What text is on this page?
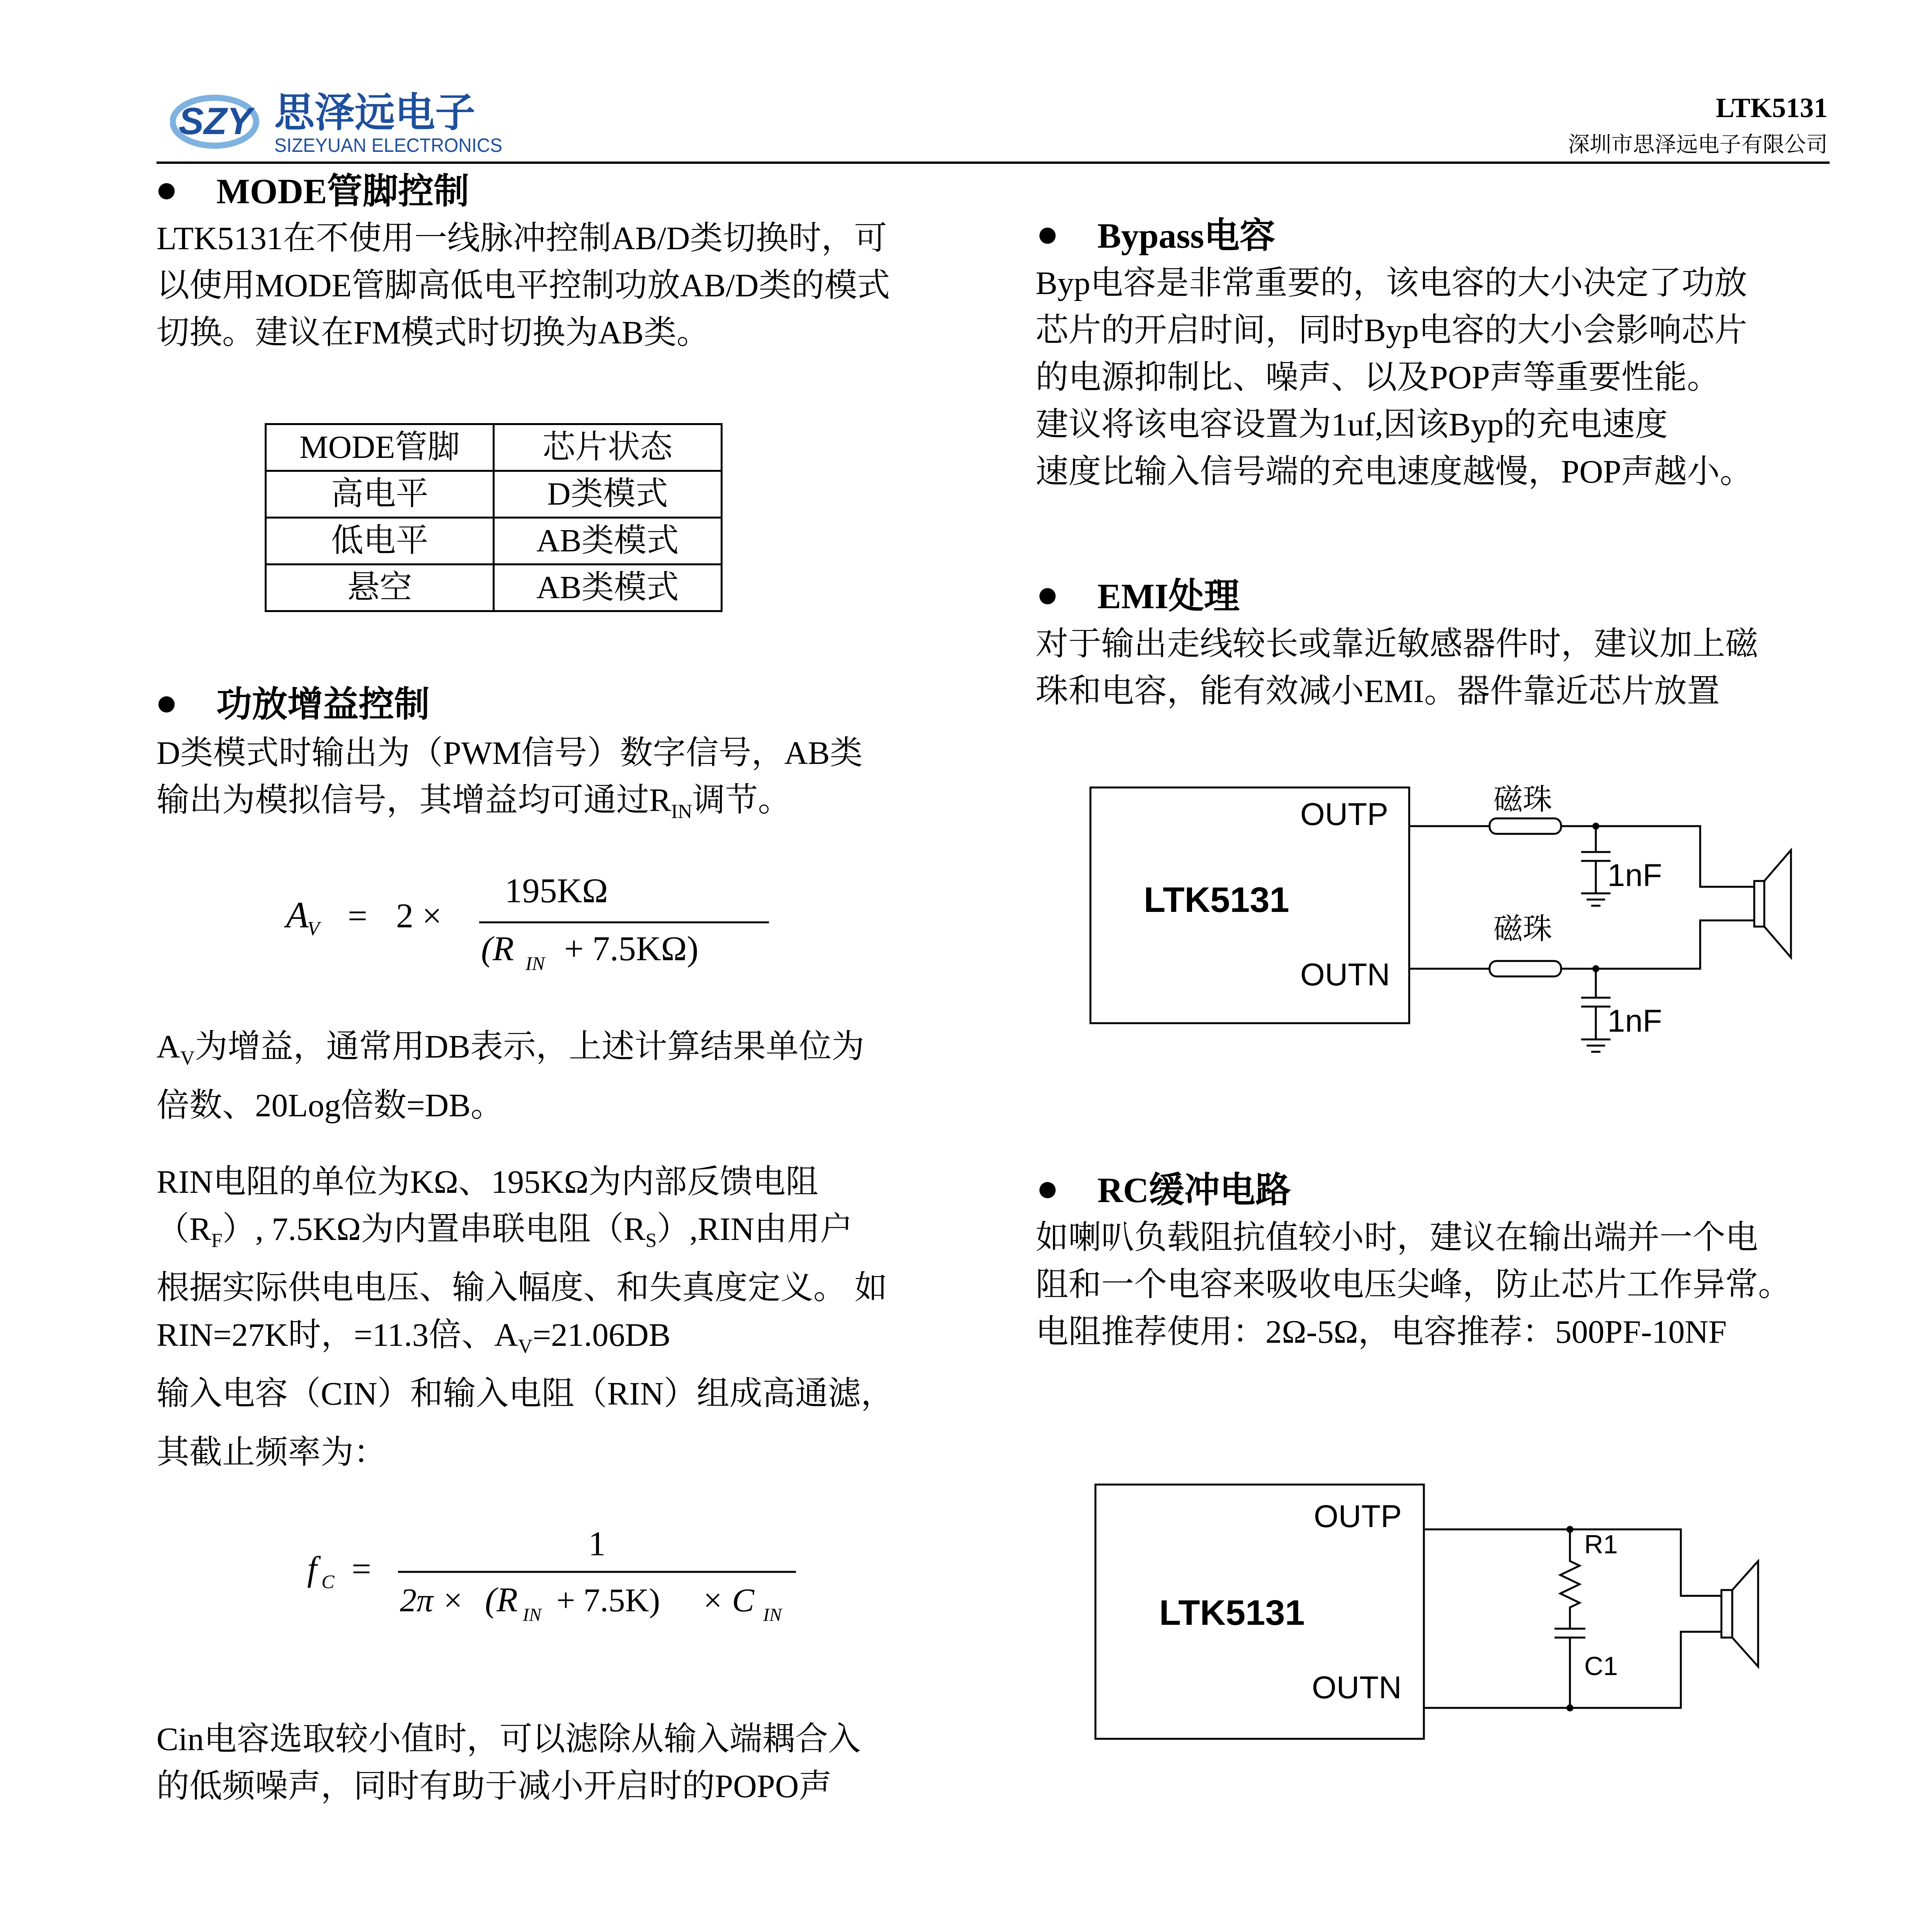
SZY 思泽远电子
SIZEYUAN ELECTRONICS
LTK5131
深圳市思泽远电子有限公司
MODE管脚控制
LTK5131在不使用一线脉冲控制AB/D类切换时，可
以使用MODE管脚高低电平控制功放AB/D类的模式
切换。建议在FM模式时切换为AB类。
MODE管脚	芯片状态
高电平	D类模式
低电平	AB类模式
悬空	AB类模式
功放增益控制
D类模式时输出为（PWM信号）数字信号，AB类
输出为模拟信号，其增益均可通过$R_{IN}$调节。
A
V = 2 ×
195KΩ
(R IN + 7.5KΩ)
$A_V$为增益，通常用DB表示，上述计算结果单位为
倍数、20Log倍数=DB。
RIN电阻的单位为KΩ、195KΩ为内部反馈电阻
$(R_F)$, 7.5KΩ为内置串联电阻$(R_S),RIN$由用户
根据实际供电电压、输入幅度、和失真度定义。 如
RIN=27K时，=11.3倍、$A_V=21.06DB$
输入电容（CIN）和输入电阻（RIN）组成高通滤，
其截止频率为：
f C =
1
2π × (R IN + 7.5K) × C IN
Cin电容选取较小值时，可以滤除从输入端耦合入
的低频噪声，同时有助于减小开启时的POPO声
Bypass电容
Byp电容是非常重要的，该电容的大小决定了功放
芯片的开启时间，同时Byp电容的大小会影响芯片
的电源抑制比、噪声、以及POP声等重要性能。
建议将该电容设置为1uf,因该Byp的充电速度
速度比输入信号端的充电速度越慢，POP声越小。
EMI处理
对于输出走线较长或靠近敏感器件时，建议加上磁
珠和电容，能有效减小EMI。器件靠近芯片放置
LTK5131
OUTP
OUTN
磁珠
磁珠
1nF
1nF
RC缓冲电路
如喇叭负载阻抗值较小时，建议在输出端并一个电
阻和一个电容来吸收电压尖峰，防止芯片工作异常。
电阻推荐使用：2Ω-5Ω，电容推荐：500PF-10NF
LTK5131
OUTP
OUTN
R1
C1
